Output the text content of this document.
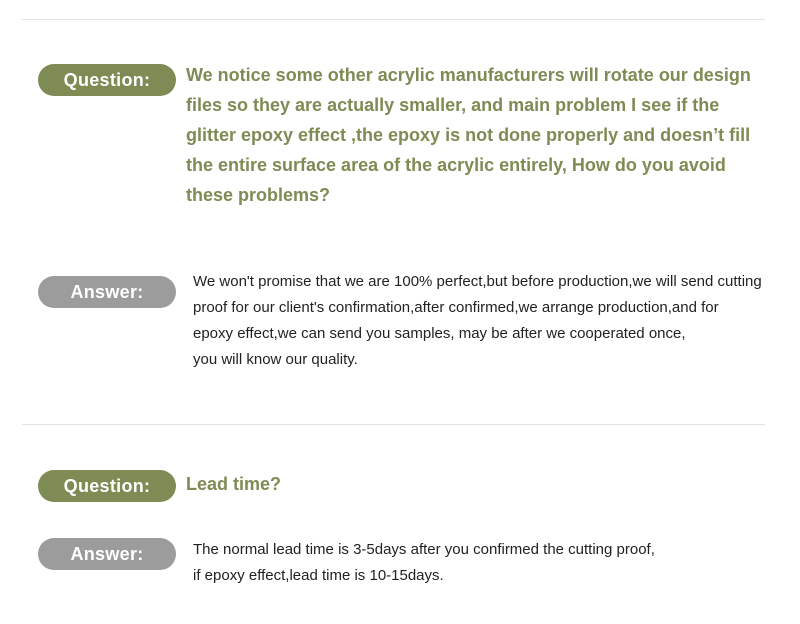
Question:	We notice some other acrylic manufacturers will rotate our design
files so they are actually smaller, and main problem I see if the
glitter epoxy effect ,the epoxy is not done properly and doesn’t fill
the entire surface area of the acrylic entirely, How do you avoid
these problems?

Answer:

We won't promise that we are 100% perfect,but before production,we will send cutting
proof for our client's confirmation,after confirmed,we arrange production,and for
epoxy effect,we can send you samples, may be after we cooperated once,
you will know our quality.

Question:	Lead time?

Answer:	The normal lead time is 3-5days after you confirmed the cutting proof,
if epoxy effect,lead time is 10-15days.
